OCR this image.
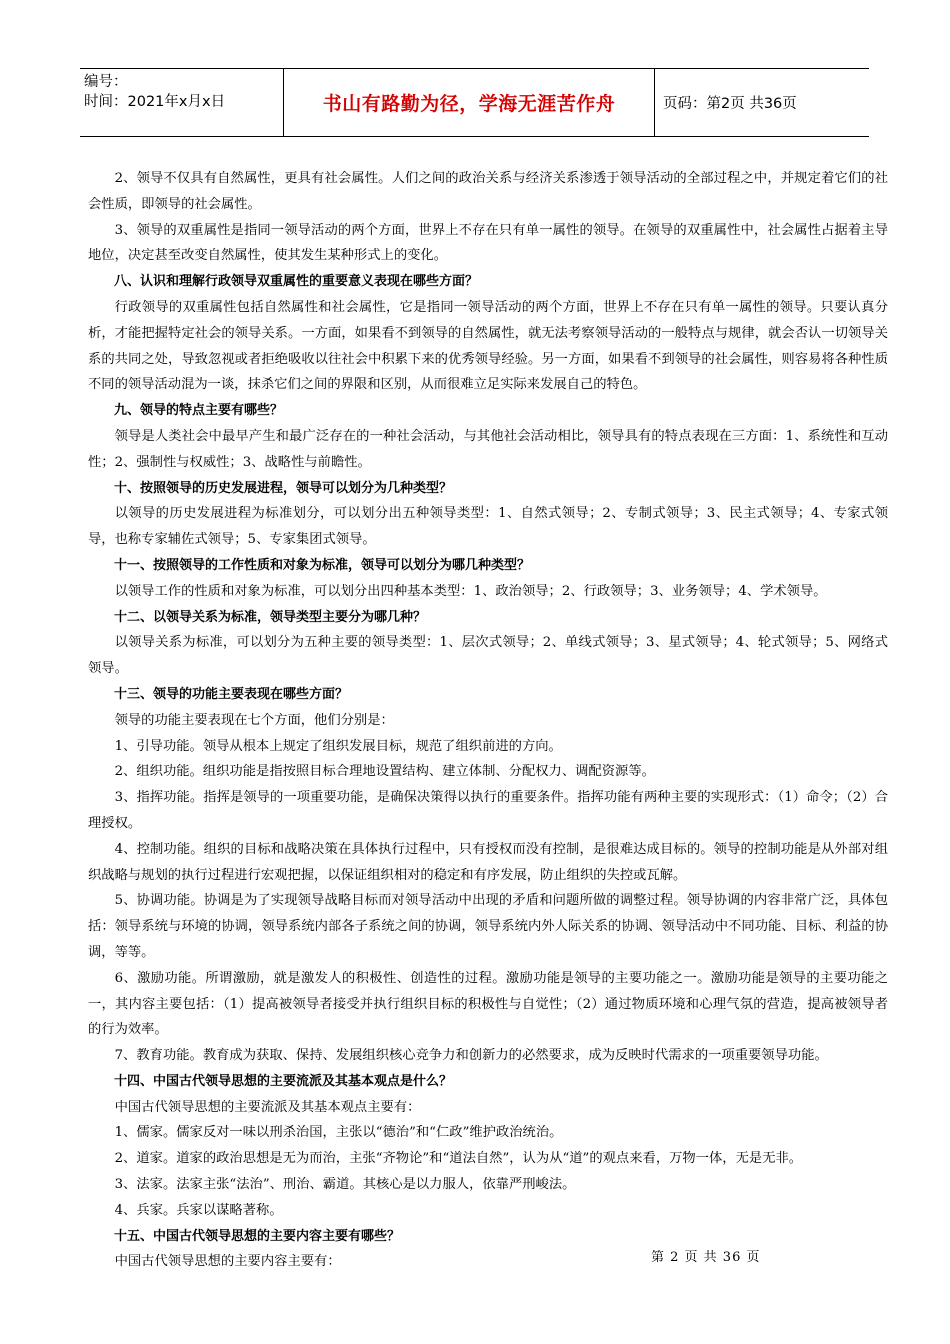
编号：
时间：2021年x月x日	书山有路勤为径，学海无涯苦作舟	页码：第2页 共36页

2、领导不仅具有自然属性，更具有社会属性。人们之间的政治关系与经济关系渗透于领导活动的全部过程之中，并规定着它们的社会性质，即领导的社会属性。

3、领导的双重属性是指同一领导活动的两个方面，世界上不存在只有单一属性的领导。在领导的双重属性中，社会属性占据着主导地位，决定甚至改变自然属性，使其发生某种形式上的变化。

八、认识和理解行政领导双重属性的重要意义表现在哪些方面？

行政领导的双重属性包括自然属性和社会属性，它是指同一领导活动的两个方面，世界上不存在只有单一属性的领导。只要认真分析，才能把握特定社会的领导关系。一方面，如果看不到领导的自然属性，就无法考察领导活动的一般特点与规律，就会否认一切领导关系的共同之处，导致忽视或者拒绝吸收以往社会中积累下来的优秀领导经验。另一方面，如果看不到领导的社会属性，则容易将各种性质不同的领导活动混为一谈，抹杀它们之间的界限和区别，从而很难立足实际来发展自己的特色。

九、领导的特点主要有哪些？

领导是人类社会中最早产生和最广泛存在的一种社会活动，与其他社会活动相比，领导具有的特点表现在三方面：1、系统性和互动性；2、强制性与权威性；3、战略性与前瞻性。

十、按照领导的历史发展进程，领导可以划分为几种类型？

以领导的历史发展进程为标准划分，可以划分出五种领导类型：1、自然式领导；2、专制式领导；3、民主式领导；4、专家式领导，也称专家辅佐式领导；5、专家集团式领导。

十一、按照领导的工作性质和对象为标准，领导可以划分为哪几种类型？

以领导工作的性质和对象为标准，可以划分出四种基本类型：1、政治领导；2、行政领导；3、业务领导；4、学术领导。

十二、以领导关系为标准，领导类型主要分为哪几种？

以领导关系为标准，可以划分为五种主要的领导类型：1、层次式领导；2、单线式领导；3、星式领导；4、轮式领导；5、网络式领导。

十三、领导的功能主要表现在哪些方面？

领导的功能主要表现在七个方面，他们分别是：

1、引导功能。领导从根本上规定了组织发展目标，规范了组织前进的方向。

2、组织功能。组织功能是指按照目标合理地设置结构、建立体制、分配权力、调配资源等。

3、指挥功能。指挥是领导的一项重要功能，是确保决策得以执行的重要条件。指挥功能有两种主要的实现形式：（1）命令；（2）合理授权。

4、控制功能。组织的目标和战略决策在具体执行过程中，只有授权而没有控制，是很难达成目标的。领导的控制功能是从外部对组织战略与规划的执行过程进行宏观把握，以保证组织相对的稳定和有序发展，防止组织的失控或瓦解。

5、协调功能。协调是为了实现领导战略目标而对领导活动中出现的矛盾和问题所做的调整过程。领导协调的内容非常广泛，具体包括：领导系统与环境的协调，领导系统内部各子系统之间的协调，领导系统内外人际关系的协调、领导活动中不同功能、目标、利益的协调，等等。

6、激励功能。所谓激励，就是激发人的积极性、创造性的过程。激励功能是领导的主要功能之一。激励功能是领导的主要功能之一，其内容主要包括：（1）提高被领导者接受并执行组织目标的积极性与自觉性；（2）通过物质环境和心理气氛的营造，提高被领导者的行为效率。

7、教育功能。教育成为获取、保持、发展组织核心竞争力和创新力的必然要求，成为反映时代需求的一项重要领导功能。

十四、中国古代领导思想的主要流派及其基本观点是什么？

中国古代领导思想的主要流派及其基本观点主要有：

1、儒家。儒家反对一味以刑杀治国，主张以“德治”和“仁政”维护政治统治。

2、道家。道家的政治思想是无为而治，主张“齐物论”和“道法自然”，认为从“道”的观点来看，万物一体，无是无非。

3、法家。法家主张“法治”、刑治、霸道。其核心是以力服人，依靠严刑峻法。

4、兵家。兵家以谋略著称。

十五、中国古代领导思想的主要内容主要有哪些？

中国古代领导思想的主要内容主要有：	第 2 页 共 36 页
